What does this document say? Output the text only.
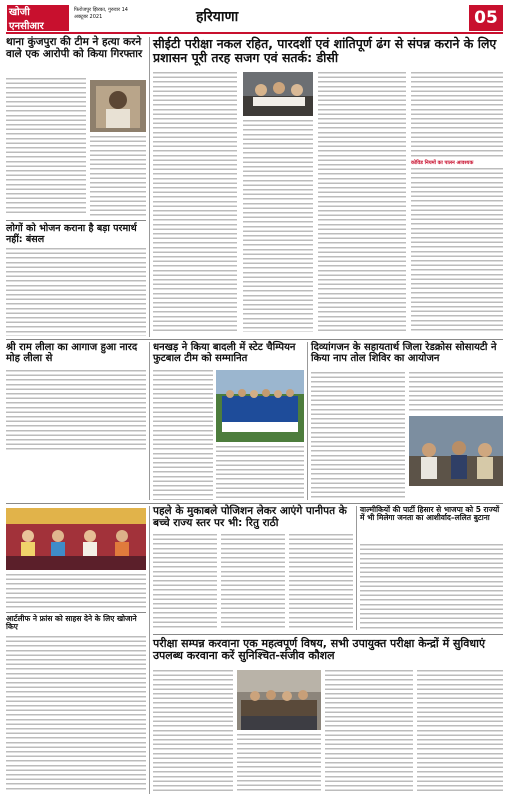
खोजी एनसीआर
फिरोजपुर झिरका, गुरुवार 14 अक्टूबर 2021	हरियाणा	05
थाना कुंजपुरा की टीम ने हत्या करने वाले एक आरोपी को किया गिरफ्तार
सीईटी परीक्षा नकल रहित, पारदर्शी एवं शांतिपूर्ण ढंग से संपन्न कराने के लिए प्रशासन पूरी तरह सजग एवं सतर्क: डीसी
कोविड नियमों का पालन आवश्यक
लोगों को भोजन कराना है बड़ा परमार्थ नहीं: बंसल
धनखड़ ने किया बादली में स्टेट चैम्पियन फुटबाल टीम को सम्मानित
दिव्यांगजन के सहायतार्थ जिला रेडक्रोस सोसायटी ने किया नाप तोल शिविर का आयोजन
श्री राम लीला का आगाज हुआ नारद मोह लीला से
पहले के मुकाबले पोजिशन लेकर आएंगे पानीपत के बच्चे राज्य स्तर पर भी: रितु राठी
वाल्मीकियों की पार्टी हिसार से भाजपा को 5 राज्यों में भी मिलेगा जनता का आशीर्वाद–ललित बुटाना
आर्टलीफ ने फ्रांस को साहस देने के लिए खोजाने किए
परीक्षा सम्पन्न करवाना एक महत्वपूर्ण विषय, सभी उपायुक्त परीक्षा केन्द्रों में सुविधाएं उपलब्ध करवाना करें सुनिश्चित-संजीव कौशल
